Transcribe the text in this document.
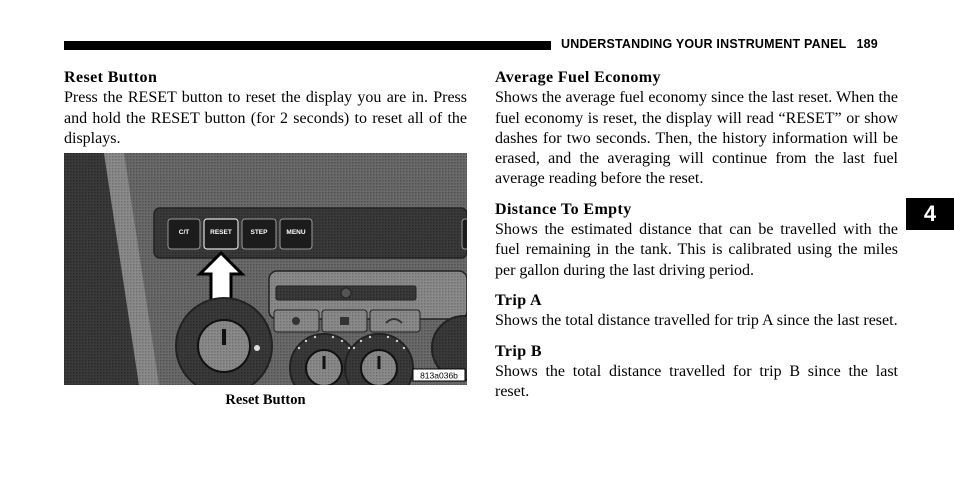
UNDERSTANDING YOUR INSTRUMENT PANEL 189
4
Reset Button

Press the RESET button to reset the display you are in. Press and hold the RESET button (for 2 seconds) to reset all of the displays.

C/T	RESET	STEP	MENU
813a036b
Reset Button
Average Fuel Economy

Shows the average fuel economy since the last reset. When the fuel economy is reset, the display will read “RESET” or show dashes for two seconds. Then, the history information will be erased, and the averaging will continue from the last fuel average reading before the reset.

Distance To Empty

Shows the estimated distance that can be travelled with the fuel remaining in the tank. This is calibrated using the miles per gallon during the last driving period.

Trip A

Shows the total distance travelled for trip A since the last reset.

Trip B

Shows the total distance travelled for trip B since the last reset.
